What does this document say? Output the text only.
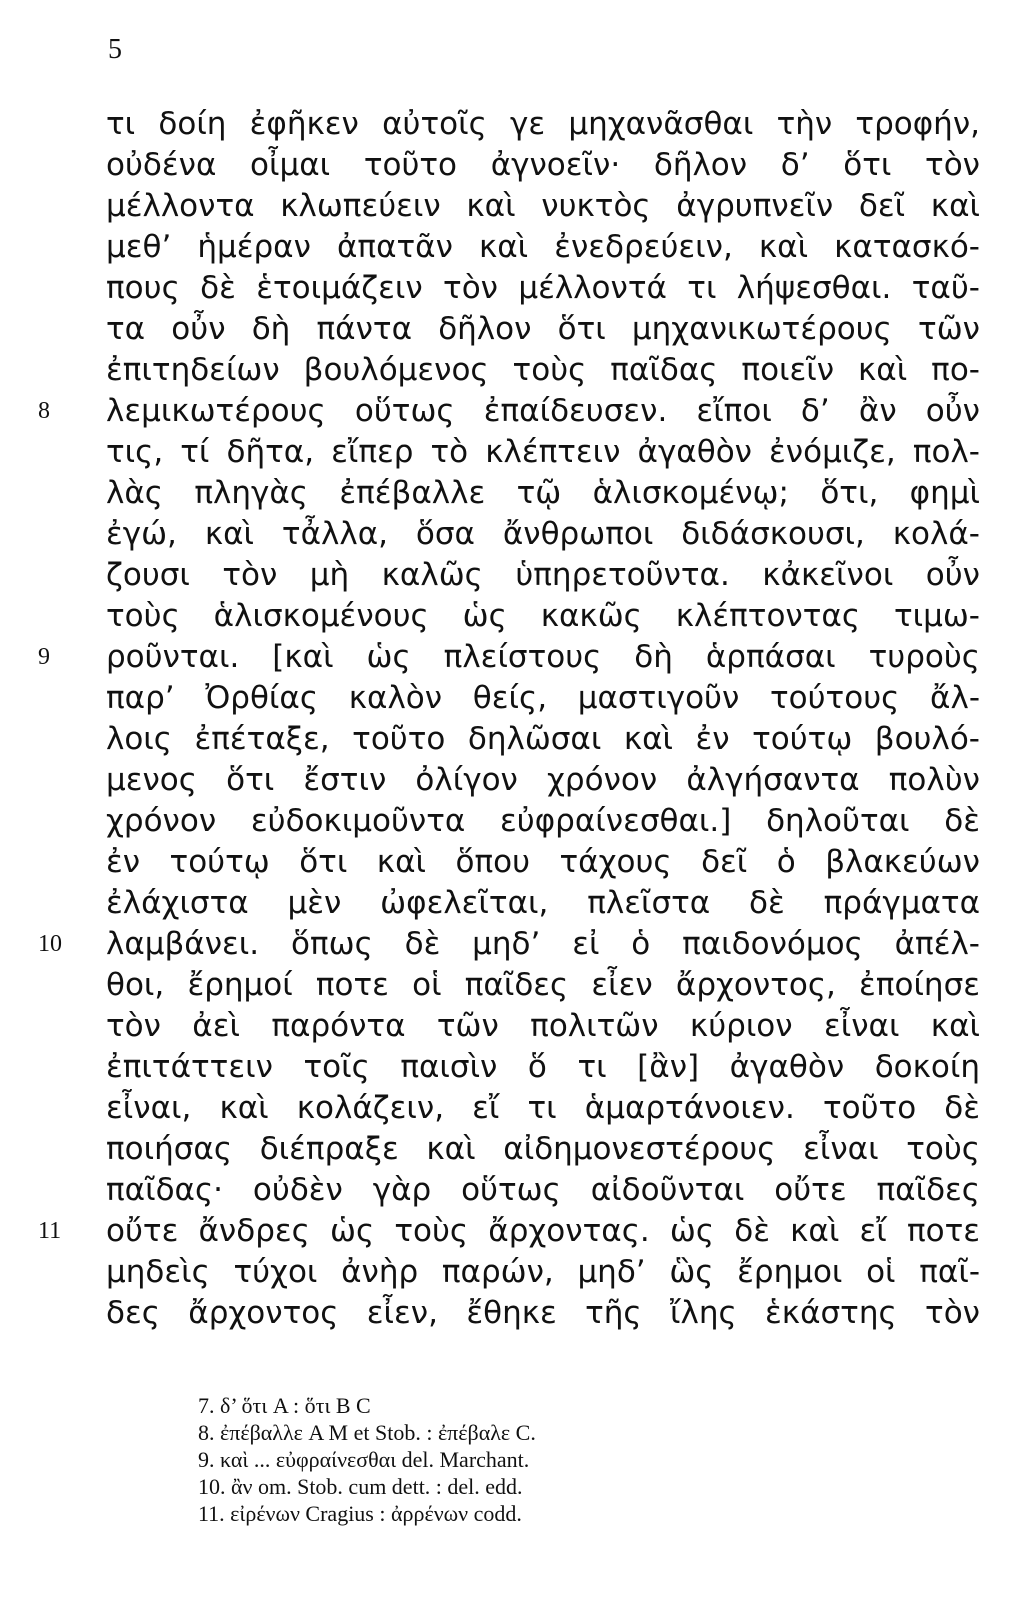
5
τι δοίη ἐφῆκεν αὐτοῖς γε μηχανᾶσθαι τὴν τροφήν,
οὐδένα οἶμαι τοῦτο ἀγνοεῖν· δῆλον δ’ ὅτι τὸν
μέλλοντα κλωπεύειν καὶ νυκτὸς ἀγρυπνεῖν δεῖ καὶ
μεθ’ ἡμέραν ἀπατᾶν καὶ ἐνεδρεύειν, καὶ κατασκό-
πους δὲ ἑτοιμάζειν τὸν μέλλοντά τι λήψεσθαι. ταῦ-
τα οὖν δὴ πάντα δῆλον ὅτι μηχανικωτέρους τῶν
ἐπιτηδείων βουλόμενος τοὺς παῖδας ποιεῖν καὶ πο-
8	λεμικωτέρους οὕτως ἐπαίδευσεν. εἴποι δ’ ἂν οὖν
τις, τί δῆτα, εἴπερ τὸ κλέπτειν ἀγαθὸν ἐνόμιζε, πολ-
λὰς πληγὰς ἐπέβαλλε τῷ ἁλισκομένῳ; ὅτι, φημὶ
ἐγώ, καὶ τἆλλα, ὅσα ἄνθρωποι διδάσκουσι, κολά-
ζουσι τὸν μὴ καλῶς ὑπηρετοῦντα. κἀκεῖνοι οὖν
τοὺς ἁλισκομένους ὡς κακῶς κλέπτοντας τιμω-
9	ροῦνται. [καὶ ὡς πλείστους δὴ ἁρπάσαι τυροὺς
παρ’ Ὀρθίας καλὸν θείς, μαστιγοῦν τούτους ἄλ-
λοις ἐπέταξε, τοῦτο δηλῶσαι καὶ ἐν τούτῳ βουλό-
μενος ὅτι ἔστιν ὀλίγον χρόνον ἀλγήσαντα πολὺν
χρόνον εὐδοκιμοῦντα εὐφραίνεσθαι.] δηλοῦται δὲ
ἐν τούτῳ ὅτι καὶ ὅπου τάχους δεῖ ὁ βλακεύων
ἐλάχιστα μὲν ὠφελεῖται, πλεῖστα δὲ πράγματα
10	λαμβάνει. ὅπως δὲ μηδ’ εἰ ὁ παιδονόμος ἀπέλ-
θοι, ἔρημοί ποτε οἱ παῖδες εἶεν ἄρχοντος, ἐποίησε
τὸν ἀεὶ παρόντα τῶν πολιτῶν κύριον εἶναι καὶ
ἐπιτάττειν τοῖς παισὶν ὅ τι [ἂν] ἀγαθὸν δοκοίη
εἶναι, καὶ κολάζειν, εἴ τι ἁμαρτάνοιεν. τοῦτο δὲ
ποιήσας διέπραξε καὶ αἰδημονεστέρους εἶναι τοὺς
παῖδας· οὐδὲν γὰρ οὕτως αἰδοῦνται οὔτε παῖδες
11	οὔτε ἄνδρες ὡς τοὺς ἄρχοντας. ὡς δὲ καὶ εἴ ποτε
μηδεὶς τύχοι ἀνὴρ παρών, μηδ’ ὣς ἔρημοι οἱ παῖ-
δες ἄρχοντος εἶεν, ἔθηκε τῆς ἴλης ἑκάστης τὸν
7. δ’ ὅτι A : ὅτι B C
8. ἐπέβαλλε A M et Stob. : ἐπέβαλε C.
9. καὶ ... εὐφραίνεσθαι del. Marchant.
10. ἂν om. Stob. cum dett. : del. edd.
11. εἰρένων Cragius : ἀρρένων codd.
